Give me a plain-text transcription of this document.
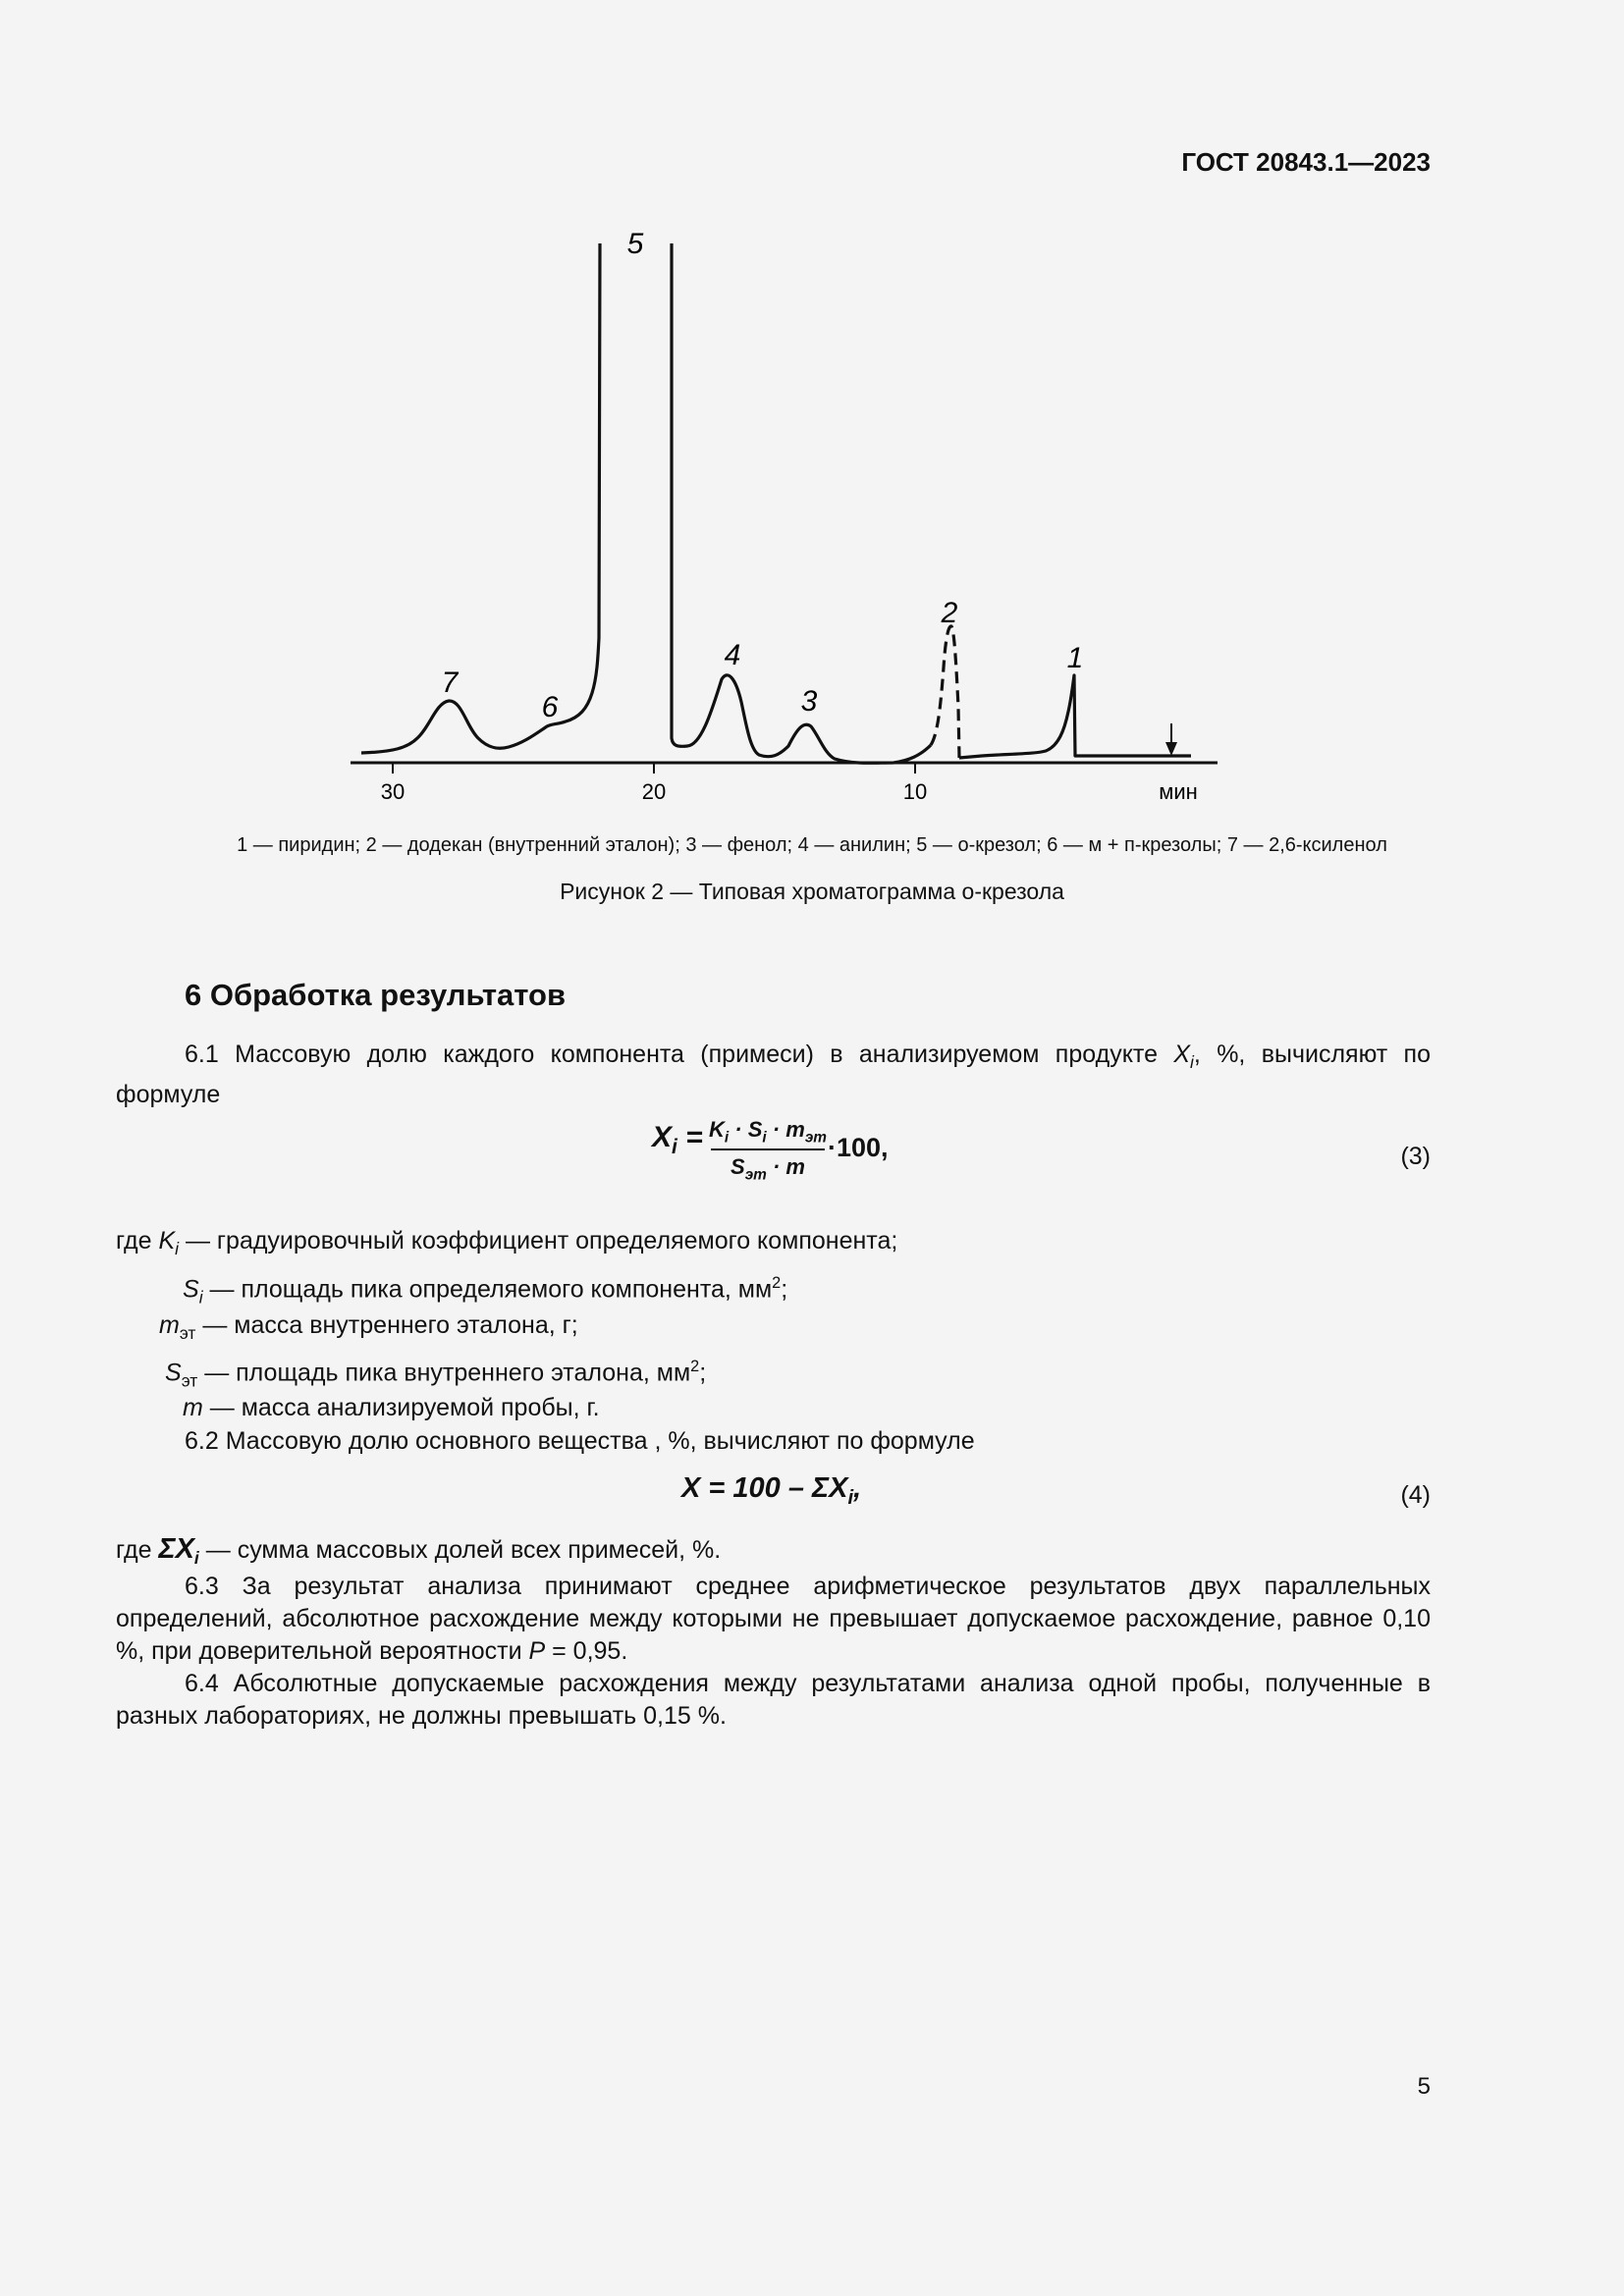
ГОСТ 20843.1—2023
30	20	10	мин
1
2
3
4
5
6
7
1 — пиридин; 2 — додекан (внутренний эталон); 3 — фенол; 4 — анилин; 5 — о-крезол; 6 — м + п-крезолы; 7 — 2,6-ксиленол
Рисунок 2 — Типовая хроматограмма о-крезола
6 Обработка результатов
6.1 Массовую долю каждого компонента (примеси) в анализируемом продукте $X_i$, %, вычисляют по формуле
$X_i = K_i \cdot S_i \cdot m_{эт}$
$S_{эт} \cdot m$
·100,	(3)
где $K_i$ — градуировочный коэффициент определяемого компонента;
$S_i$ — площадь пика определяемого компонента, $мм^2$;
$m_{эт}$ — масса внутреннего эталона, г;
$S_{эт}$ — площадь пика внутреннего эталона, $мм^2$;
m — масса анализируемой пробы, г.
6.2 Массовую долю основного вещества , %, вычисляют по формуле
$X = 100 - \Sigma X_i$,	(4)
где $\Sigma X_i$ — сумма массовых долей всех примесей, %.
6.3 За результат анализа принимают среднее арифметическое результатов двух параллельных определений, абсолютное расхождение между которыми не превышает допускаемое расхождение, равное 0,10 %, при доверительной вероятности P = 0,95.
6.4 Абсолютные допускаемые расхождения между результатами анализа одной пробы, полученные в разных лабораториях, не должны превышать 0,15 %.
5
